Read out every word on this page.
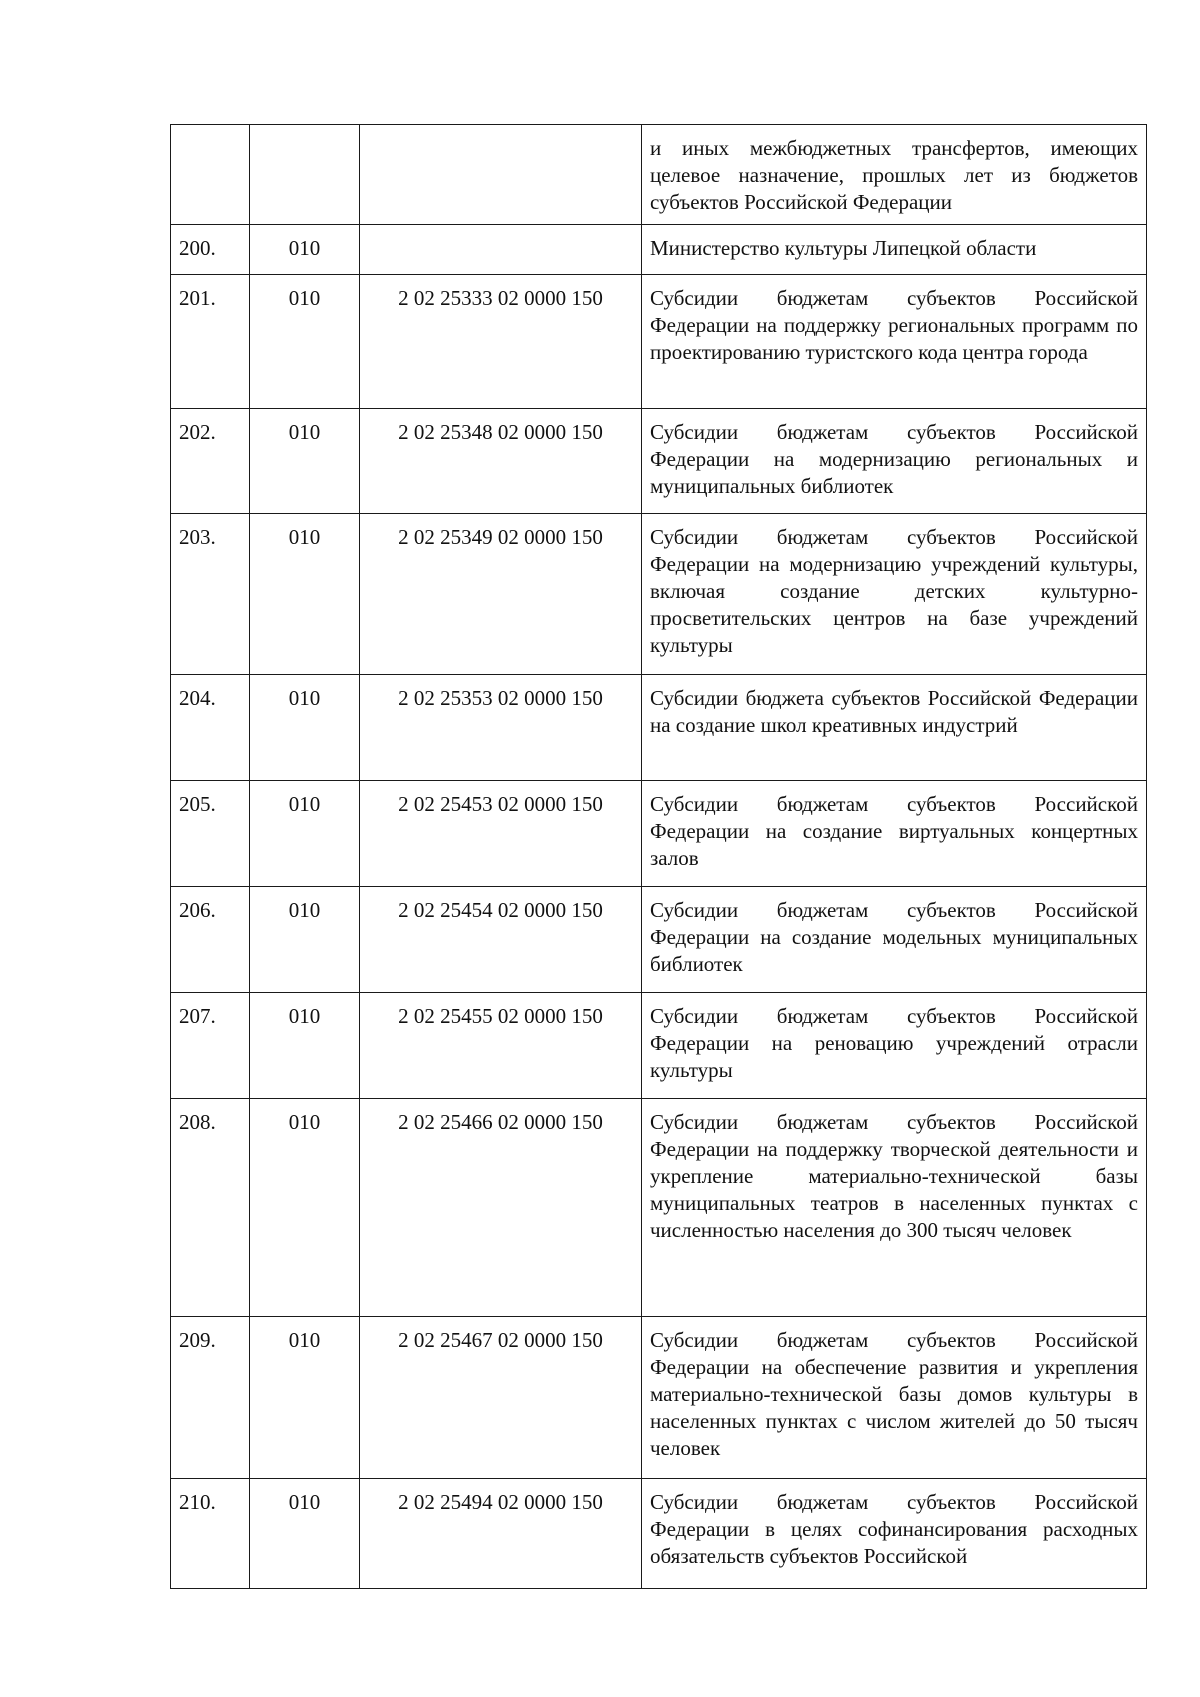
			и иных межбюджетных трансфертов, имеющих целевое назначение, прошлых лет из бюджетов субъектов Российской Федерации
200.	010		Министерство культуры Липецкой области
201.	010	2 02 25333 02 0000 150	Субсидии бюджетам субъектов Российской Федерации на поддержку региональных программ по проектированию туристского кода центра города
202.	010	2 02 25348 02 0000 150	Субсидии бюджетам субъектов Российской Федерации на модернизацию региональных и муниципальных библиотек
203.	010	2 02 25349 02 0000 150	Субсидии бюджетам субъектов Российской Федерации на модернизацию учреждений культуры, включая создание детских культурно-просветительских центров на базе учреждений культуры
204.	010	2 02 25353 02 0000 150	Субсидии бюджета субъектов Российской Федерации на создание школ креативных индустрий
205.	010	2 02 25453 02 0000 150	Субсидии бюджетам субъектов Российской Федерации на создание виртуальных концертных залов
206.	010	2 02 25454 02 0000 150	Субсидии бюджетам субъектов Российской Федерации на создание модельных муниципальных библиотек
207.	010	2 02 25455 02 0000 150	Субсидии бюджетам субъектов Российской Федерации на реновацию учреждений отрасли культуры
208.	010	2 02 25466 02 0000 150	Субсидии бюджетам субъектов Российской Федерации на поддержку творческой деятельности и укрепление материально-технической базы муниципальных театров в населенных пунктах с численностью населения до 300 тысяч человек
209.	010	2 02 25467 02 0000 150	Субсидии бюджетам субъектов Российской Федерации на обеспечение развития и укрепления материально-технической базы домов культуры в населенных пунктах с числом жителей до 50 тысяч человек
210.	010	2 02 25494 02 0000 150	Субсидии бюджетам субъектов Российской Федерации в целях софинансирования расходных обязательств субъектов Российской
